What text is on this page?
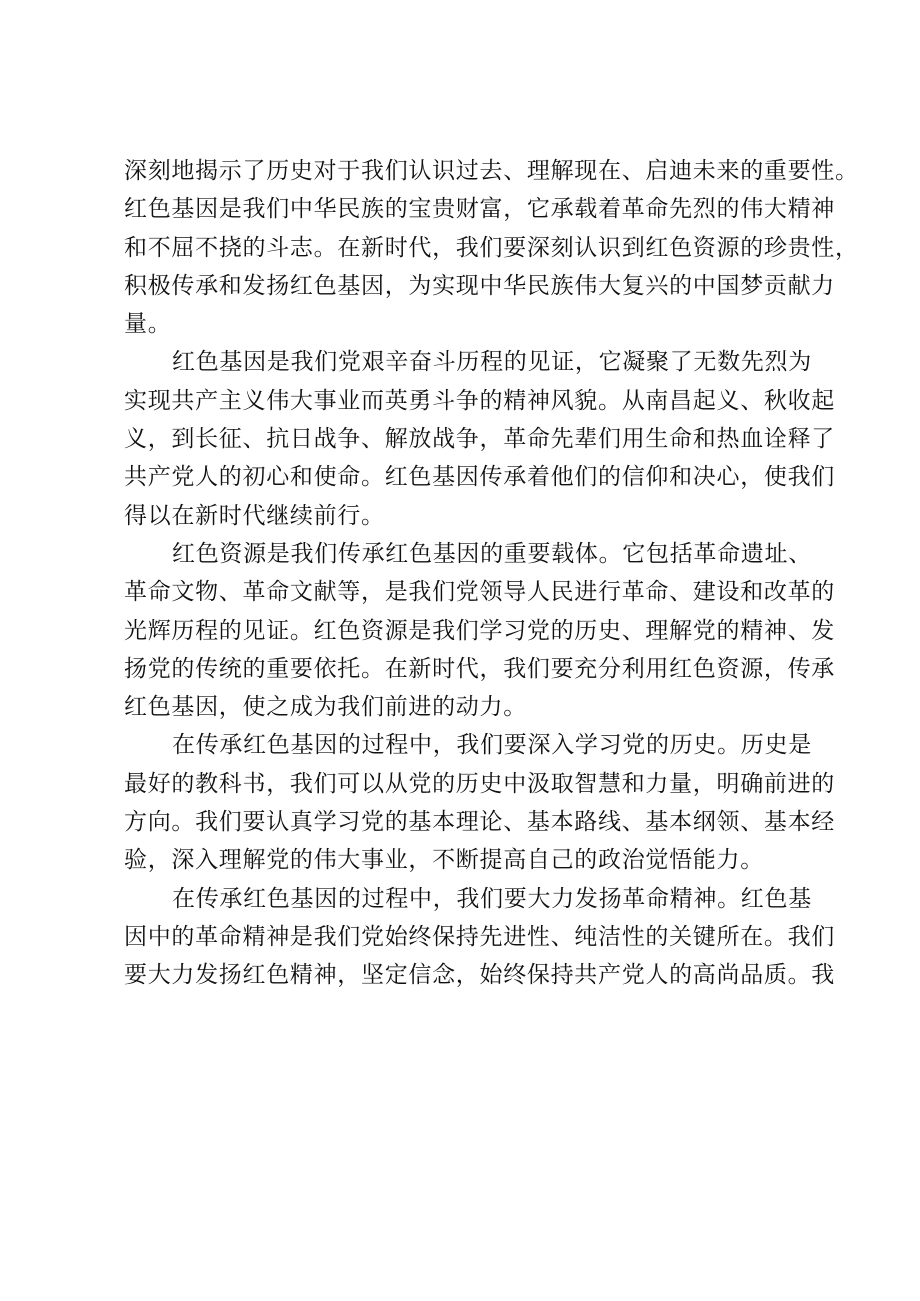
深刻地揭示了历史对于我们认识过去、理解现在、启迪未来的重要性。
红色基因是我们中华民族的宝贵财富，它承载着革命先烈的伟大精神
和不屈不挠的斗志。在新时代，我们要深刻认识到红色资源的珍贵性，
积极传承和发扬红色基因，为实现中华民族伟大复兴的中国梦贡献力
量。
红色基因是我们党艰辛奋斗历程的见证，它凝聚了无数先烈为
实现共产主义伟大事业而英勇斗争的精神风貌。从南昌起义、秋收起
义，到长征、抗日战争、解放战争，革命先辈们用生命和热血诠释了
共产党人的初心和使命。红色基因传承着他们的信仰和决心，使我们
得以在新时代继续前行。
红色资源是我们传承红色基因的重要载体。它包括革命遗址、
革命文物、革命文献等，是我们党领导人民进行革命、建设和改革的
光辉历程的见证。红色资源是我们学习党的历史、理解党的精神、发
扬党的传统的重要依托。在新时代，我们要充分利用红色资源，传承
红色基因，使之成为我们前进的动力。
在传承红色基因的过程中，我们要深入学习党的历史。历史是
最好的教科书，我们可以从党的历史中汲取智慧和力量，明确前进的
方向。我们要认真学习党的基本理论、基本路线、基本纲领、基本经
验，深入理解党的伟大事业，不断提高自己的政治觉悟能力。
在传承红色基因的过程中，我们要大力发扬革命精神。红色基
因中的革命精神是我们党始终保持先进性、纯洁性的关键所在。我们
要大力发扬红色精神，坚定信念，始终保持共产党人的高尚品质。我
